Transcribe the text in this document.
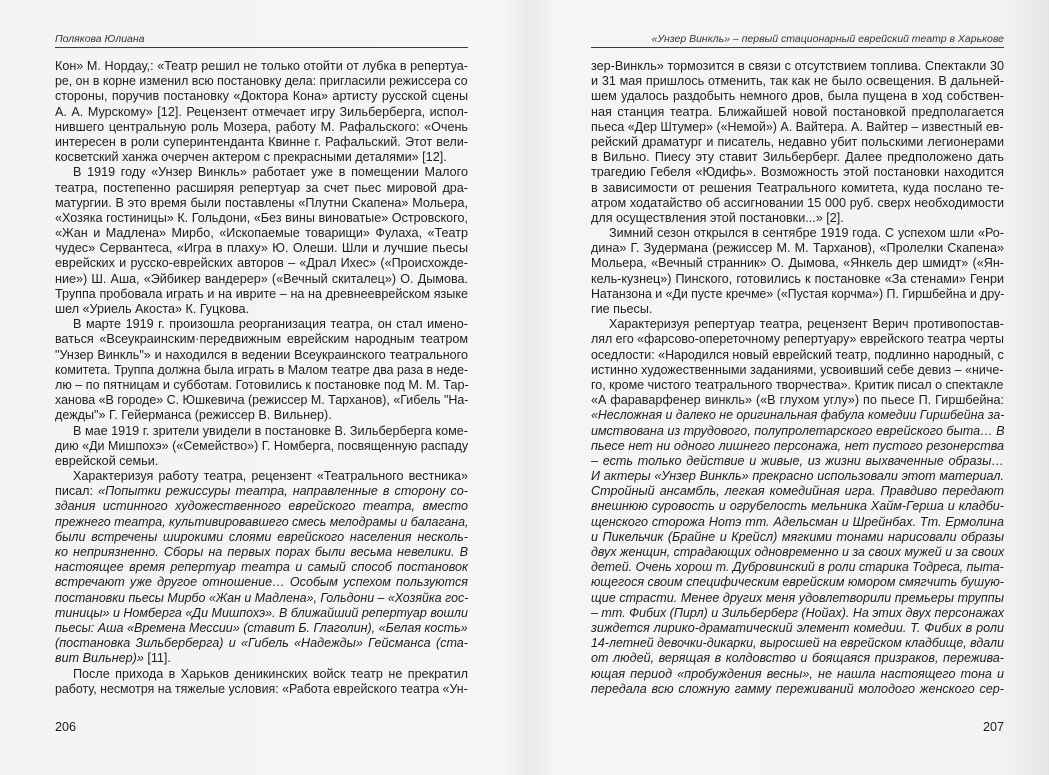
Полякова Юлиана
Кон» М. Нордау,: «Театр решил не только отойти от лубка в репертуа-
ре, он в корне изменил всю постановку дела: пригласили режиссера со
стороны, поручив постановку «Доктора Кона» артисту русской сцены
А. А. Мурскому» [12]. Рецензент отмечает игру Зильберберга, испол-
нившего центральную роль Мозера, работу М. Рафальского: «Очень
интересен в роли суперинтенданта Квинне г. Рафальский. Этот вели-
косветский ханжа очерчен актером с прекрасными деталями» [12].
В 1919 году «Унзер Винкль» работает уже в помещении Малого
театра, постепенно расширяя репертуар за счет пьес мировой дра-
матургии. В это время были поставлены «Плутни Скапена» Мольера,
«Хозяка гостиницы» К. Гольдони, «Без вины виноватые» Островского,
«Жан и Мадлена» Мирбо, «Ископаемые товарищи» Фулаха, «Театр
чудес» Сервантеса, «Игра в плаху» Ю. Олеши. Шли и лучшие пьесы
еврейских и русско-еврейских авторов – «Драл Ихес» («Происхожде-
ние») Ш. Аша, «Эйбикер вандерер» («Вечный скиталец») О. Дымова.
Труппа пробовала играть и на иврите – на на древнееврейском языке
шел «Уриель Акоста» К. Гуцкова.
В марте 1919 г. произошла реорганизация театра, он стал имено-
ваться «Всеукраинским·передвижным еврейским народным театром
"Унзер Винкль"» и находился в ведении Всеукраинского театрального
комитета. Труппа должна была играть в Малом театре два раза в неде-
лю – по пятницам и субботам. Готовились к постановке под М. М. Тар-
ханова «В городе» С. Юшкевича (режиссер М. Тарханов), «Гибель "На-
дежды"» Г. Гейерманса (режиссер В. Вильнер).
В мае 1919 г. зрители увидели в постановке В. Зильберберга коме-
дию «Ди Мишпохэ» («Семейство») Г. Номберга, посвященную распаду
еврейской семьи.
Характеризуя работу театра, рецензент «Театрального вестника»
писал: «Попытки режиссуры театра, направленные в сторону со-
здания истинного художественного еврейского театра, вместо
прежнего театра, культивировавшего смесь мелодрамы и балагана,
были встречены широкими слоями еврейского населения несколь-
ко неприязненно. Сборы на первых порах были весьма невелики. В
настоящее время репертуар театра и самый способ постановок
встречают уже другое отношение… Особым успехом пользуются
постановки пьесы Мирбо «Жан и Мадлена», Гольдони – «Хозяйка гос-
тиницы» и Номберга «Ди Мишпохэ». В ближайший репертуар вошли
пьесы: Аша «Времена Мессии» (ставит Б. Глаголин), «Белая кость»
(постановка Зильберберга) и «Гибель «Надежды» Гейсманса (ста-
вит Вильнер)» [11].
После прихода в Харьков деникинских войск театр не прекратил
работу, несмотря на тяжелые условия: «Работа еврейского театра «Ун-
206
«Унзер Винкль» – первый стационарный еврейский театр в Харькове
зер-Винкль» тормозится в связи с отсутствием топлива. Спектакли 30
и 31 мая пришлось отменить, так как не было освещения. В дальней-
шем удалось раздобыть немного дров, была пущена в ход собствен-
ная станция театра. Ближайшей новой постановкой предполагается
пьеса «Дер Штумер» («Немой») А. Вайтера. А. Вайтер – известный ев-
рейский драматург и писатель, недавно убит польскими легионерами
в Вильно. Пиесу эту ставит Зильберберг. Далее предположено дать
трагедию Гебеля «Юдифь». Возможность этой постановки находится
в зависимости от решения Театрального комитета, куда послано те-
атром ходатайство об ассигновании 15 000 руб. сверх необходимости
для осуществления этой постановки...» [2].
Зимний сезон открылся в сентябре 1919 года. С успехом шли «Ро-
дина» Г. Зудермана (режиссер М. М. Тарханов), «Пролелки Скапена»
Мольера, «Вечный странник» О. Дымова, «Янкель дер шмидт» («Ян-
кель-кузнец») Пинского, готовились к постановке «За стенами» Генри
Натанзона и «Ди пусте кречме» («Пустая корчма») П. Гиршбейна и дру-
гие пьесы.
Характеризуя репертуар театра, рецензент Верич противопостав-
лял его «фарсово-опереточному репертуару» еврейского театра черты
оседлости: «Народился новый еврейский театр, подлинно народный, с
истинно художественными заданиями, усвоивший себе девиз – «ниче-
го, кроме чистого театрального творчества». Критик писал о спектакле
«А фараварфенер винкль» («В глухом углу») по пьесе П. Гиршбейна:
«Несложная и далеко не оригинальная фабула комедии Гиршбейна за-
имствована из трудового, полупролетарского еврейского быта… В
пьесе нет ни одного лишнего персонажа, нет пустого резонерства
– есть только действие и живые, из жизни выхваченные образы…
И актеры «Унзер Винкль» прекрасно использовали этот материал.
Стройный ансамбль, легкая комедийная игра. Правдиво передают
внешнюю суровость и огрубелость мельника Хайм-Герша и кладби-
щенского сторожа Нотэ тт. Адельсман и Шрейнбах. Тт. Ермолина
и Пикельчик (Брайне и Крейсл) мягкими тонами нарисовали образы
двух женщин, страдающих одновременно и за своих мужей и за своих
детей. Очень хорош т. Дубровинский в роли старика Тодреса, пыта-
ющегося своим специфическим еврейским юмором смягчить бушую-
щие страсти. Менее других меня удовлетворили премьеры труппы
– тт. Фибих (Пирл) и Зильберберг (Нойах). На этих двух персонажах
зиждется лирико-драматический элемент комедии. Т. Фибих в роли
14-летней девочки-дикарки, выросшей на еврейском кладбище, вдали
от людей, верящая в колдовство и боящаяся призраков, пережива-
ющая период «пробуждения весны», не нашла настоящего тона и
передала всю сложную гамму переживаний молодого женского сер-
207
